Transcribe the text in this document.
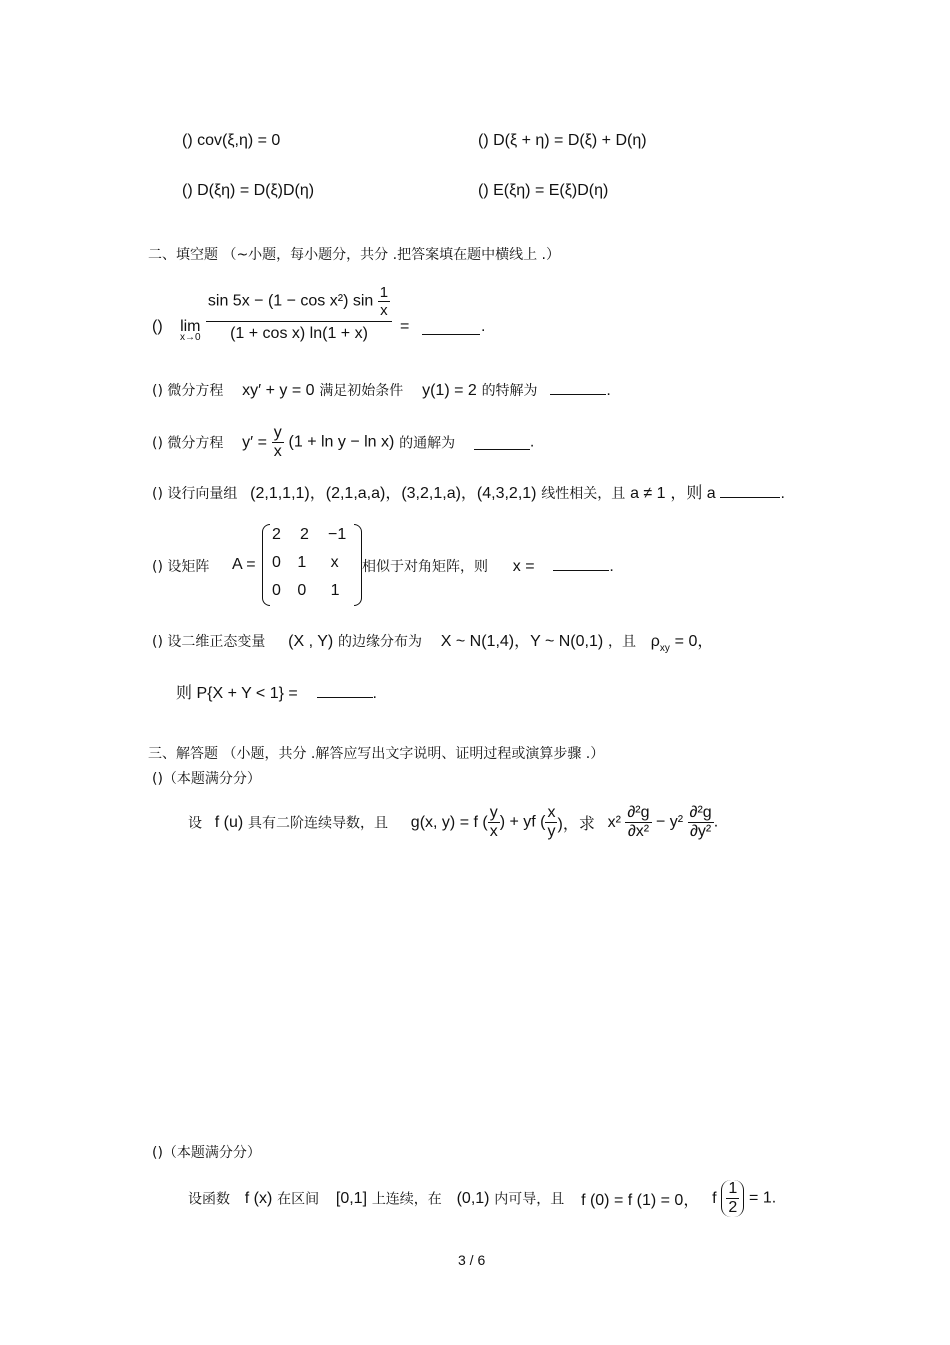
() cov(ξ,η) = 0	() D(ξ + η) = D(ξ) + D(η)
() D(ξη) = D(ξ)D(η)	() E(ξη) = E(ξ)D(η)
二、填空题 （~小题，每小题分，共分 .把答案填在题中横线上 .）
() lim
$x\to 0 \frac{\sin 5x - (1 - \cos x^2) \sin \frac{1}{x}}{\text{(1 + cos x) ln(1 + x)}}$ =	.
() 微分方程 xy′ + y = 0 满足初始条件 y(1) = 2 的特解为	.
() 微分方程 $y' = \frac{y}{x} (1 + \ln y - \ln x)$ 的通解为	.
() 设行向量组 (2,1,1,1)，(2,1,a,a)，(3,2,1,a)，(4,3,2,1) 线性相关，且 a ≠ 1 ，则 a	.
() 设矩阵 A =
2	2	−1
0	1	x
0	0	1
相似于对角矩阵，则 x =	.
() 设二维正态变量 (X , Y) 的边缘分布为 X ~ N(1,4)，Y ~ N(0,1) ，且 $\rho_{xy} = 0$，
则 P{X + Y < 1} =	.
三、解答题 （小题，共分 .解答应写出文字说明、证明过程或演算步骤 .）
()（本题满分分）
设 f (u) 具有二阶连续导数，且 g(x, y) = f ( $\frac{y}{x}$ ) + yf ( $\frac{x}{y}$ )，求 $x^2 \frac{\text{∂²g}}{\text{∂x²}} - y^2 \frac{\text{∂²g}}{\text{∂y²}}$ .
()（本题满分分）
设函数 f (x) 在区间 [0,1] 上连续，在 (0,1) 内可导，且 f (0) = f (1) = 0， f $\frac{1}{2} = 1$.
3 / 6
